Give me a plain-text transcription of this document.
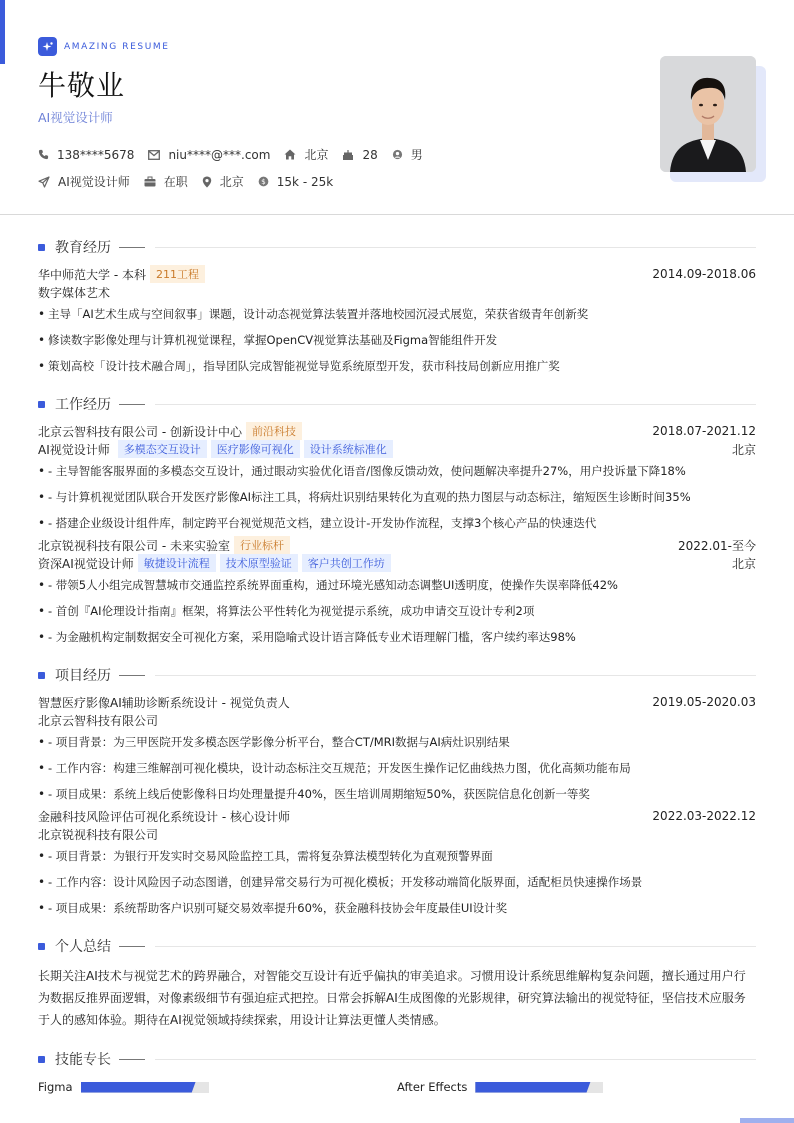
AMAZING RESUME
牛敬业
AI视觉设计师
138****5678	niu****@***.com	北京	28	男
AI视觉设计师	在职	北京 $ 15k - 25k
教育经历
华中师范大学 - 本科 211工程	2014.09-2018.06
数字媒体艺术
• 主导「AI艺术生成与空间叙事」课题，设计动态视觉算法装置并落地校园沉浸式展览，荣获省级青年创新奖
• 修读数字影像处理与计算机视觉课程，掌握OpenCV视觉算法基础及Figma智能组件开发
• 策划高校「设计技术融合周」，指导团队完成智能视觉导览系统原型开发，获市科技局创新应用推广奖
工作经历
北京云智科技有限公司 - 创新设计中心 前沿科技	2018.07-2021.12
AI视觉设计师	多模态交互设计	医疗影像可视化	设计系统标准化	北京
• - 主导智能客服界面的多模态交互设计，通过眼动实验优化语音/图像反馈动效，使问题解决率提升27%，用户投诉量下降18%
• - 与计算机视觉团队联合开发医疗影像AI标注工具，将病灶识别结果转化为直观的热力图层与动态标注，缩短医生诊断时间35%
• - 搭建企业级设计组件库，制定跨平台视觉规范文档，建立设计-开发协作流程，支撑3个核心产品的快速迭代
北京锐视科技有限公司 - 未来实验室 行业标杆	2022.01-至今
资深AI视觉设计师 敏捷设计流程	技术原型验证	客户共创工作坊	北京
• - 带领5人小组完成智慧城市交通监控系统界面重构，通过环境光感知动态调整UI透明度，使操作失误率降低42%
• - 首创『AI伦理设计指南』框架，将算法公平性转化为视觉提示系统，成功申请交互设计专利2项
• - 为金融机构定制数据安全可视化方案，采用隐喻式设计语言降低专业术语理解门槛，客户续约率达98%
项目经历
智慧医疗影像AI辅助诊断系统设计 - 视觉负责人	2019.05-2020.03
北京云智科技有限公司
• - 项目背景：为三甲医院开发多模态医学影像分析平台，整合CT/MRI数据与AI病灶识别结果
• - 工作内容：构建三维解剖可视化模块，设计动态标注交互规范；开发医生操作记忆曲线热力图，优化高频功能布局
• - 项目成果：系统上线后使影像科日均处理量提升40%，医生培训周期缩短50%，获医院信息化创新一等奖
金融科技风险评估可视化系统设计 - 核心设计师	2022.03-2022.12
北京锐视科技有限公司
• - 项目背景：为银行开发实时交易风险监控工具，需将复杂算法模型转化为直观预警界面
• - 工作内容：设计风险因子动态图谱，创建异常交易行为可视化模板；开发移动端简化版界面，适配柜员快速操作场景
• - 项目成果：系统帮助客户识别可疑交易效率提升60%，获金融科技协会年度最佳UI设计奖
个人总结
长期关注AI技术与视觉艺术的跨界融合，对智能交互设计有近乎偏执的审美追求。习惯用设计系统思维解构复杂问题，擅长通过用户行为数据反推界面逻辑，对像素级细节有强迫症式把控。日常会拆解AI生成图像的光影规律，研究算法输出的视觉特征，坚信技术应服务于人的感知体验。期待在AI视觉领域持续探索，用设计让算法更懂人类情感。
技能专长
Figma	After Effects
